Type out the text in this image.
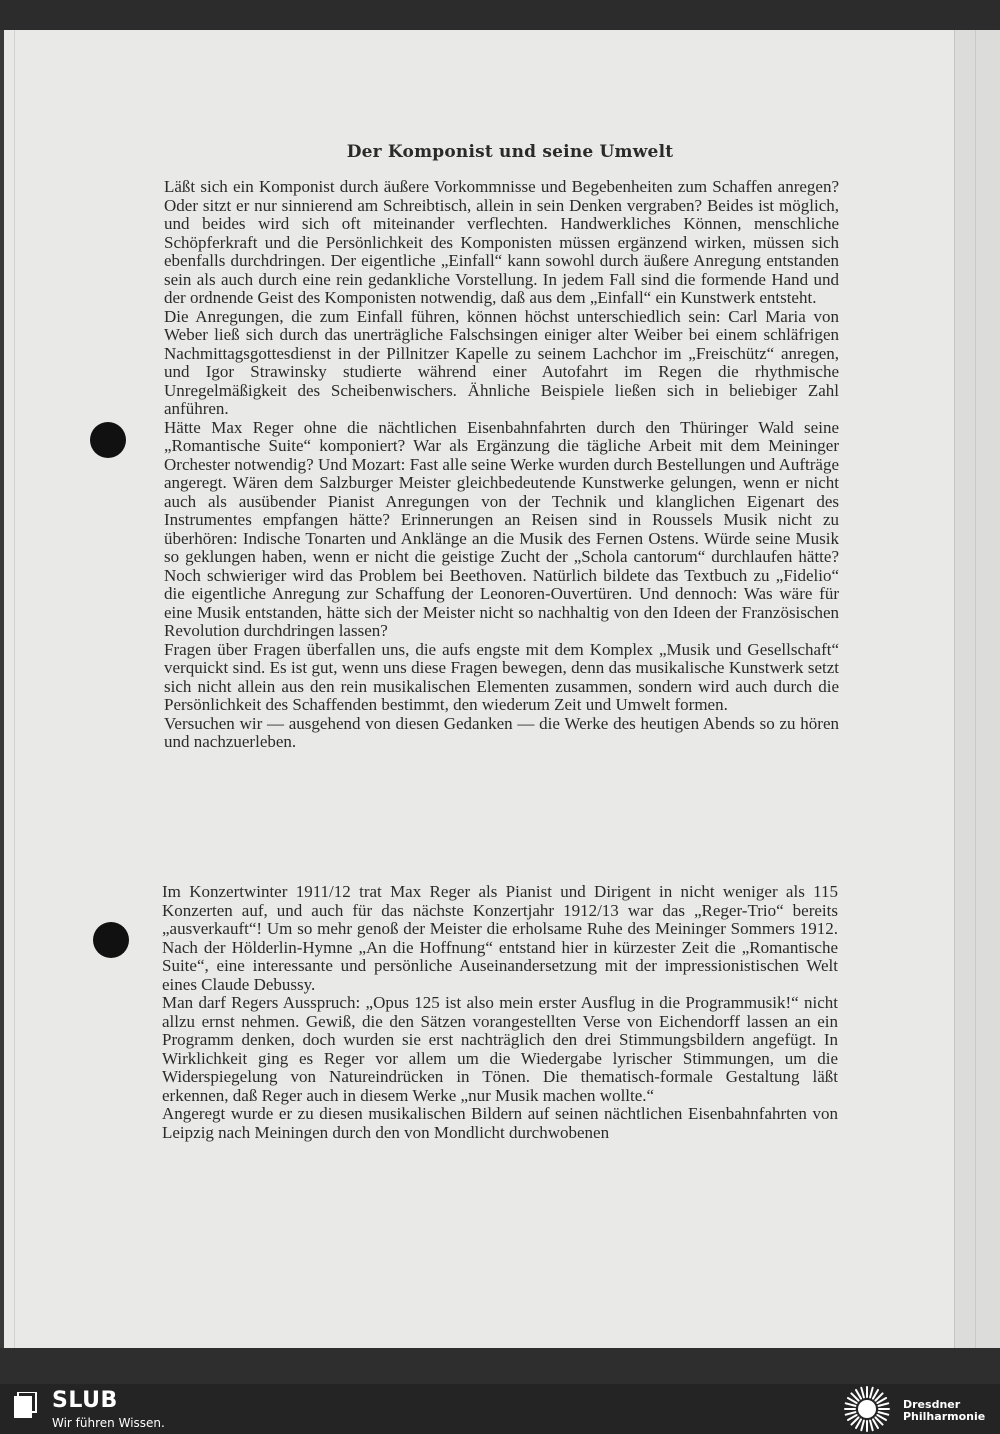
Der Komponist und seine Umwelt

Läßt sich ein Komponist durch äußere Vorkommnisse und Begebenheiten zum Schaffen anregen? Oder sitzt er nur sinnierend am Schreibtisch, allein in sein Denken vergraben? Beides ist möglich, und beides wird sich oft miteinander verflechten. Handwerkliches Können, menschliche Schöpferkraft und die Persönlichkeit des Komponisten müssen ergänzend wirken, müssen sich ebenfalls durchdringen. Der eigentliche „Einfall“ kann sowohl durch äußere Anregung entstanden sein als auch durch eine rein gedankliche Vorstellung. In jedem Fall sind die formende Hand und der ordnende Geist des Komponisten notwendig, daß aus dem „Einfall“ ein Kunstwerk entsteht.

Die Anregungen, die zum Einfall führen, können höchst unterschiedlich sein: Carl Maria von Weber ließ sich durch das unerträgliche Falschsingen einiger alter Weiber bei einem schläfrigen Nachmittagsgottesdienst in der Pillnitzer Kapelle zu seinem Lachchor im „Freischütz“ anregen, und Igor Strawinsky studierte während einer Autofahrt im Regen die rhythmische Unregelmäßigkeit des Scheibenwischers. Ähnliche Beispiele ließen sich in beliebiger Zahl anführen.

Hätte Max Reger ohne die nächtlichen Eisenbahnfahrten durch den Thüringer Wald seine „Romantische Suite“ komponiert? War als Ergänzung die tägliche Arbeit mit dem Meininger Orchester notwendig? Und Mozart: Fast alle seine Werke wurden durch Bestellungen und Aufträge angeregt. Wären dem Salzburger Meister gleichbedeutende Kunstwerke gelungen, wenn er nicht auch als ausübender Pianist Anregungen von der Technik und klanglichen Eigenart des Instrumentes empfangen hätte? Erinnerungen an Reisen sind in Roussels Musik nicht zu überhören: Indische Tonarten und Anklänge an die Musik des Fernen Ostens. Würde seine Musik so geklungen haben, wenn er nicht die geistige Zucht der „Schola cantorum“ durchlaufen hätte? Noch schwieriger wird das Problem bei Beethoven. Natürlich bildete das Textbuch zu „Fidelio“ die eigentliche Anregung zur Schaffung der Leonoren-Ouvertüren. Und dennoch: Was wäre für eine Musik entstanden, hätte sich der Meister nicht so nachhaltig von den Ideen der Französischen Revolution durchdringen lassen?

Fragen über Fragen überfallen uns, die aufs engste mit dem Komplex „Musik und Gesellschaft“ verquickt sind. Es ist gut, wenn uns diese Fragen bewegen, denn das musikalische Kunstwerk setzt sich nicht allein aus den rein musikalischen Elementen zusammen, sondern wird auch durch die Persönlichkeit des Schaffenden bestimmt, den wiederum Zeit und Umwelt formen.

Versuchen wir — ausgehend von diesen Gedanken — die Werke des heutigen Abends so zu hören und nachzuerleben.

Im Konzertwinter 1911/12 trat Max Reger als Pianist und Dirigent in nicht weniger als 115 Konzerten auf, und auch für das nächste Konzertjahr 1912/13 war das „Reger-Trio“ bereits „ausverkauft“! Um so mehr genoß der Meister die erholsame Ruhe des Meininger Sommers 1912. Nach der Hölderlin-Hymne „An die Hoffnung“ entstand hier in kürzester Zeit die „Romantische Suite“, eine interessante und persönliche Auseinandersetzung mit der impressionistischen Welt eines Claude Debussy.

Man darf Regers Ausspruch: „Opus 125 ist also mein erster Ausflug in die Programmusik!“ nicht allzu ernst nehmen. Gewiß, die den Sätzen vorangestellten Verse von Eichendorff lassen an ein Programm denken, doch wurden sie erst nachträglich den drei Stimmungsbildern angefügt. In Wirklichkeit ging es Reger vor allem um die Wiedergabe lyrischer Stimmungen, um die Widerspiegelung von Natureindrücken in Tönen. Die thematisch-formale Gestaltung läßt erkennen, daß Reger auch in diesem Werke „nur Musik machen wollte.“

Angeregt wurde er zu diesen musikalischen Bildern auf seinen nächtlichen Eisenbahnfahrten von Leipzig nach Meiningen durch den von Mondlicht durchwobenen

SLUB
Wir führen Wissen.
Dresdner
Philharmonie
